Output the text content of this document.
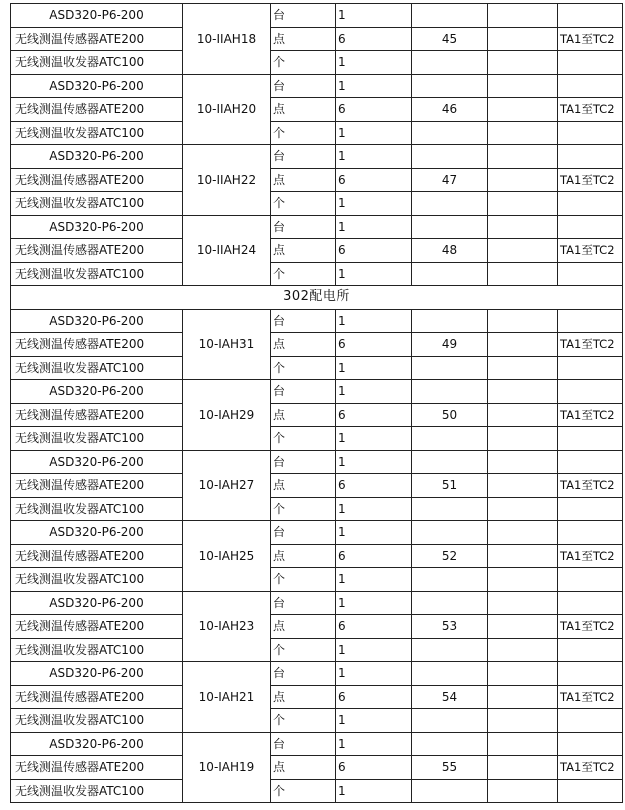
ASD320-P6-200	10-IIAH18	台	1			
无线测温传感器ATE200		点	6	45		TA1至TC2
无线测温收发器ATC100		个	1			
ASD320-P6-200	10-IIAH20	台	1			
无线测温传感器ATE200		点	6	46		TA1至TC2
无线测温收发器ATC100		个	1			
ASD320-P6-200	10-IIAH22	台	1			
无线测温传感器ATE200		点	6	47		TA1至TC2
无线测温收发器ATC100		个	1			
ASD320-P6-200	10-IIAH24	台	1			
无线测温传感器ATE200		点	6	48		TA1至TC2
无线测温收发器ATC100		个	1			
302配电所						
ASD320-P6-200	10-IAH31	台	1			
无线测温传感器ATE200		点	6	49		TA1至TC2
无线测温收发器ATC100		个	1			
ASD320-P6-200	10-IAH29	台	1			
无线测温传感器ATE200		点	6	50		TA1至TC2
无线测温收发器ATC100		个	1			
ASD320-P6-200	10-IAH27	台	1			
无线测温传感器ATE200		点	6	51		TA1至TC2
无线测温收发器ATC100		个	1			
ASD320-P6-200	10-IAH25	台	1			
无线测温传感器ATE200		点	6	52		TA1至TC2
无线测温收发器ATC100		个	1			
ASD320-P6-200	10-IAH23	台	1			
无线测温传感器ATE200		点	6	53		TA1至TC2
无线测温收发器ATC100		个	1			
ASD320-P6-200	10-IAH21	台	1			
无线测温传感器ATE200		点	6	54		TA1至TC2
无线测温收发器ATC100		个	1			
ASD320-P6-200	10-IAH19	台	1			
无线测温传感器ATE200		点	6	55		TA1至TC2
无线测温收发器ATC100		个	1			
